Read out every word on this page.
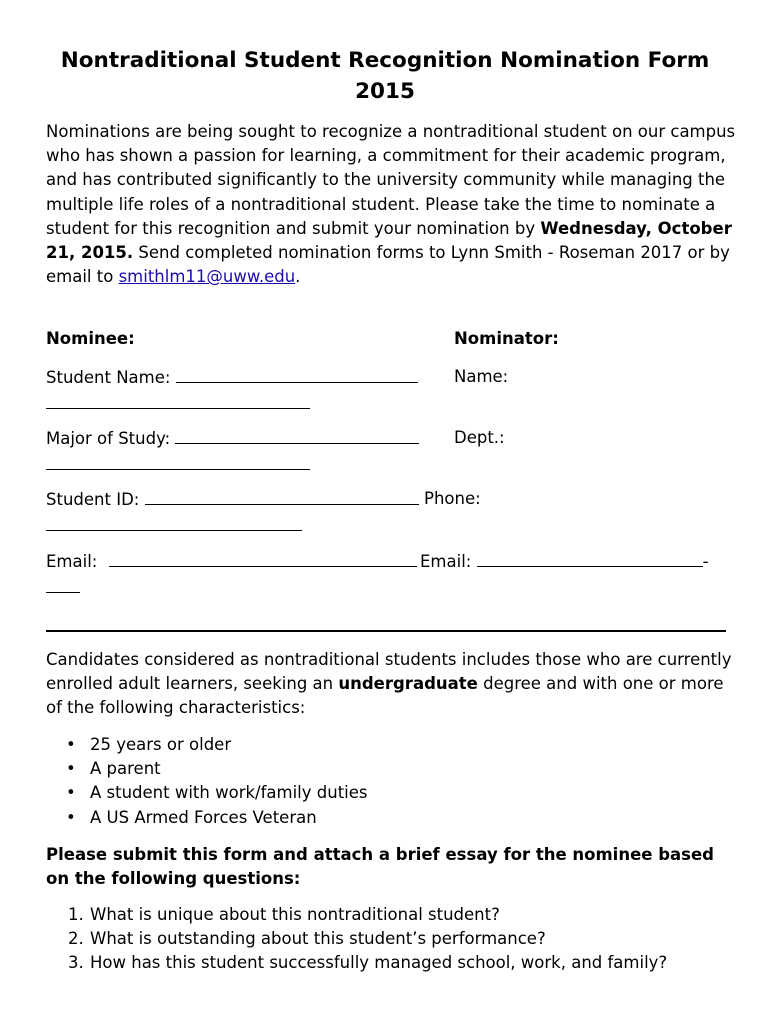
Nontraditional Student Recognition Nomination Form 2015

Nominations are being sought to recognize a nontraditional student on our campus who has shown a passion for learning, a commitment for their academic program, and has contributed significantly to the university community while managing the multiple life roles of a nontraditional student. Please take the time to nominate a student for this recognition and submit your nomination by Wednesday, October 21, 2015. Send completed nomination forms to Lynn Smith - Roseman 2017 or by email to smithlm11@uww.edu.

Nominee:	Nominator:
Student Name:	Name:
Major of Study:	Dept.:
Student ID:	Phone:
Email:	Email:	-

Candidates considered as nontraditional students includes those who are currently enrolled adult learners, seeking an undergraduate degree and with one or more of the following characteristics:

• 25 years or older
• A parent
• A student with work/family duties
• A US Armed Forces Veteran

Please submit this form and attach a brief essay for the nominee based on the following questions:

1. What is unique about this nontraditional student?
2. What is outstanding about this student’s performance?
3. How has this student successfully managed school, work, and family?
